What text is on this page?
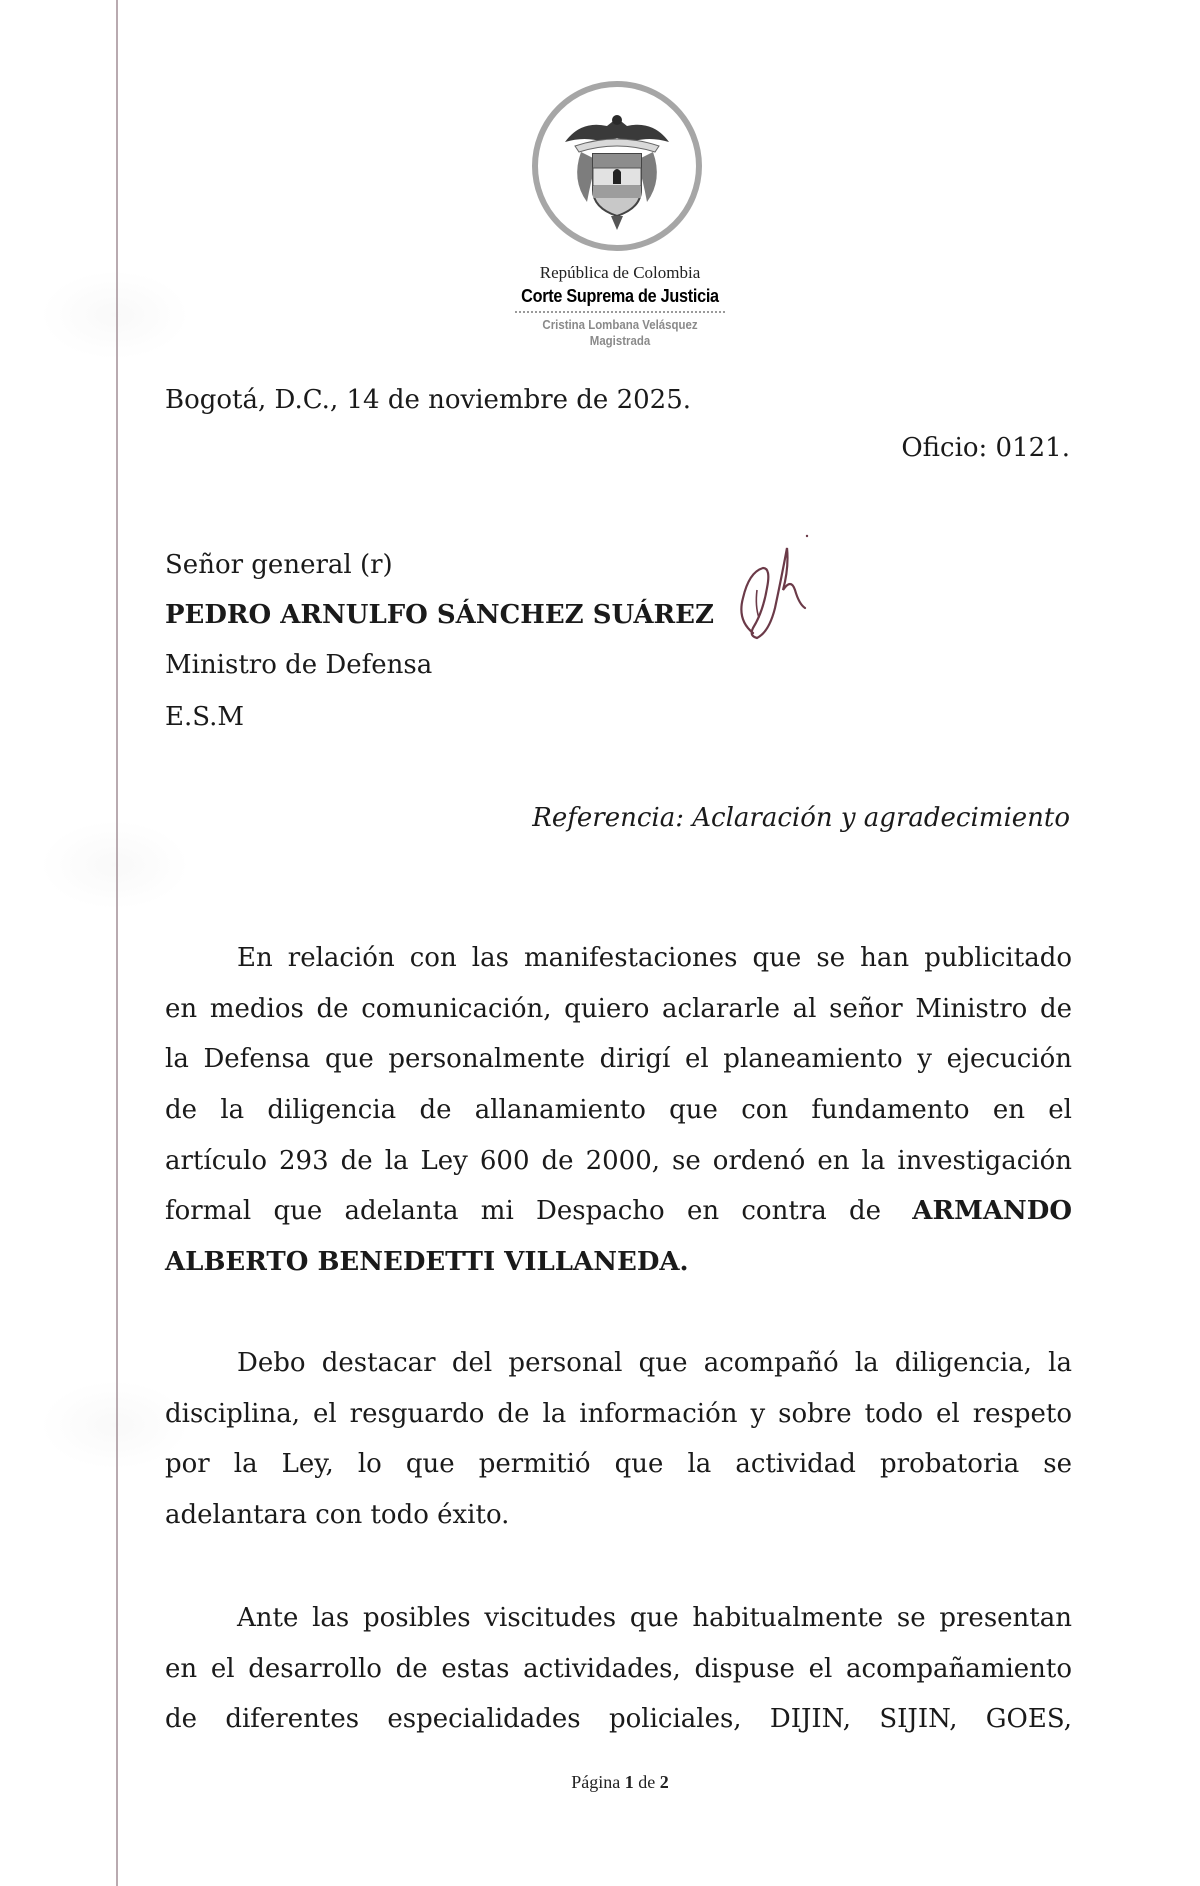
República de Colombia
Corte Suprema de Justicia
Cristina Lombana Velásquez
Magistrada
Bogotá, D.C., 14 de noviembre de 2025.
Oficio: 0121.
Señor general (r)
PEDRO ARNULFO SÁNCHEZ SUÁREZ
Ministro de Defensa
E.S.M
Referencia: Aclaración y agradecimiento
En relación con las manifestaciones que se han publicitado
en medios de comunicación, quiero aclararle al señor Ministro de
la Defensa que personalmente dirigí el planeamiento y ejecución
de la diligencia de allanamiento que con fundamento en el
artículo 293 de la Ley 600 de 2000, se ordenó en la investigación
formal que adelanta mi Despacho en contra de ARMANDO
ALBERTO BENEDETTI VILLANEDA.
Debo destacar del personal que acompañó la diligencia, la
disciplina, el resguardo de la información y sobre todo el respeto
por la Ley, lo que permitió que la actividad probatoria se
adelantara con todo éxito.
Ante las posibles viscitudes que habitualmente se presentan
en el desarrollo de estas actividades, dispuse el acompañamiento
de diferentes especialidades policiales, DIJIN, SIJIN, GOES,
Página 1 de 2
